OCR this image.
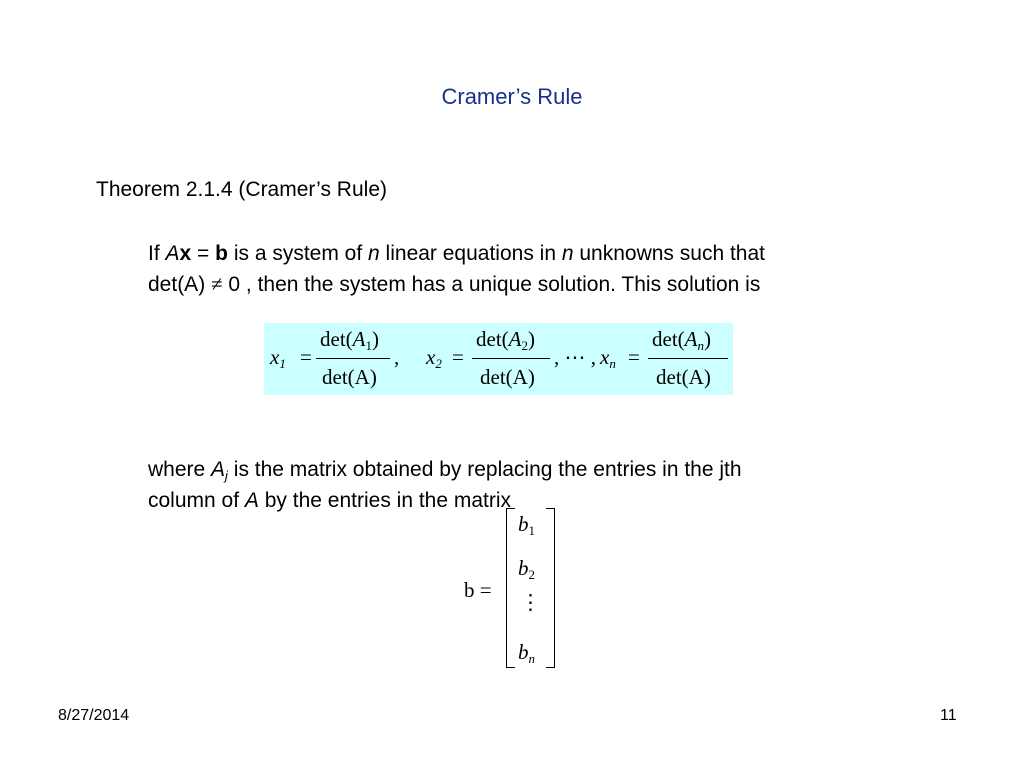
Cramer’s Rule
Theorem 2.1.4 (Cramer’s Rule)
If Ax = b is a system of n linear equations in n unknowns such that
det(A) ≠ 0 , then the system has a unique solution. This solution is
$x_1$ =
$\det(A_1)$
det(A)
, $x_2$ =
$\det(A_2)$
det(A)
, ⋯ , $x_n$ =
$\det(A_n)$
det(A)
where $A_j$ is the matrix obtained by replacing the entries in the jth
column of A by the entries in the matrix
b =
$b_1$
$b_2$
⋮
$b_n$
8/27/2014	11
